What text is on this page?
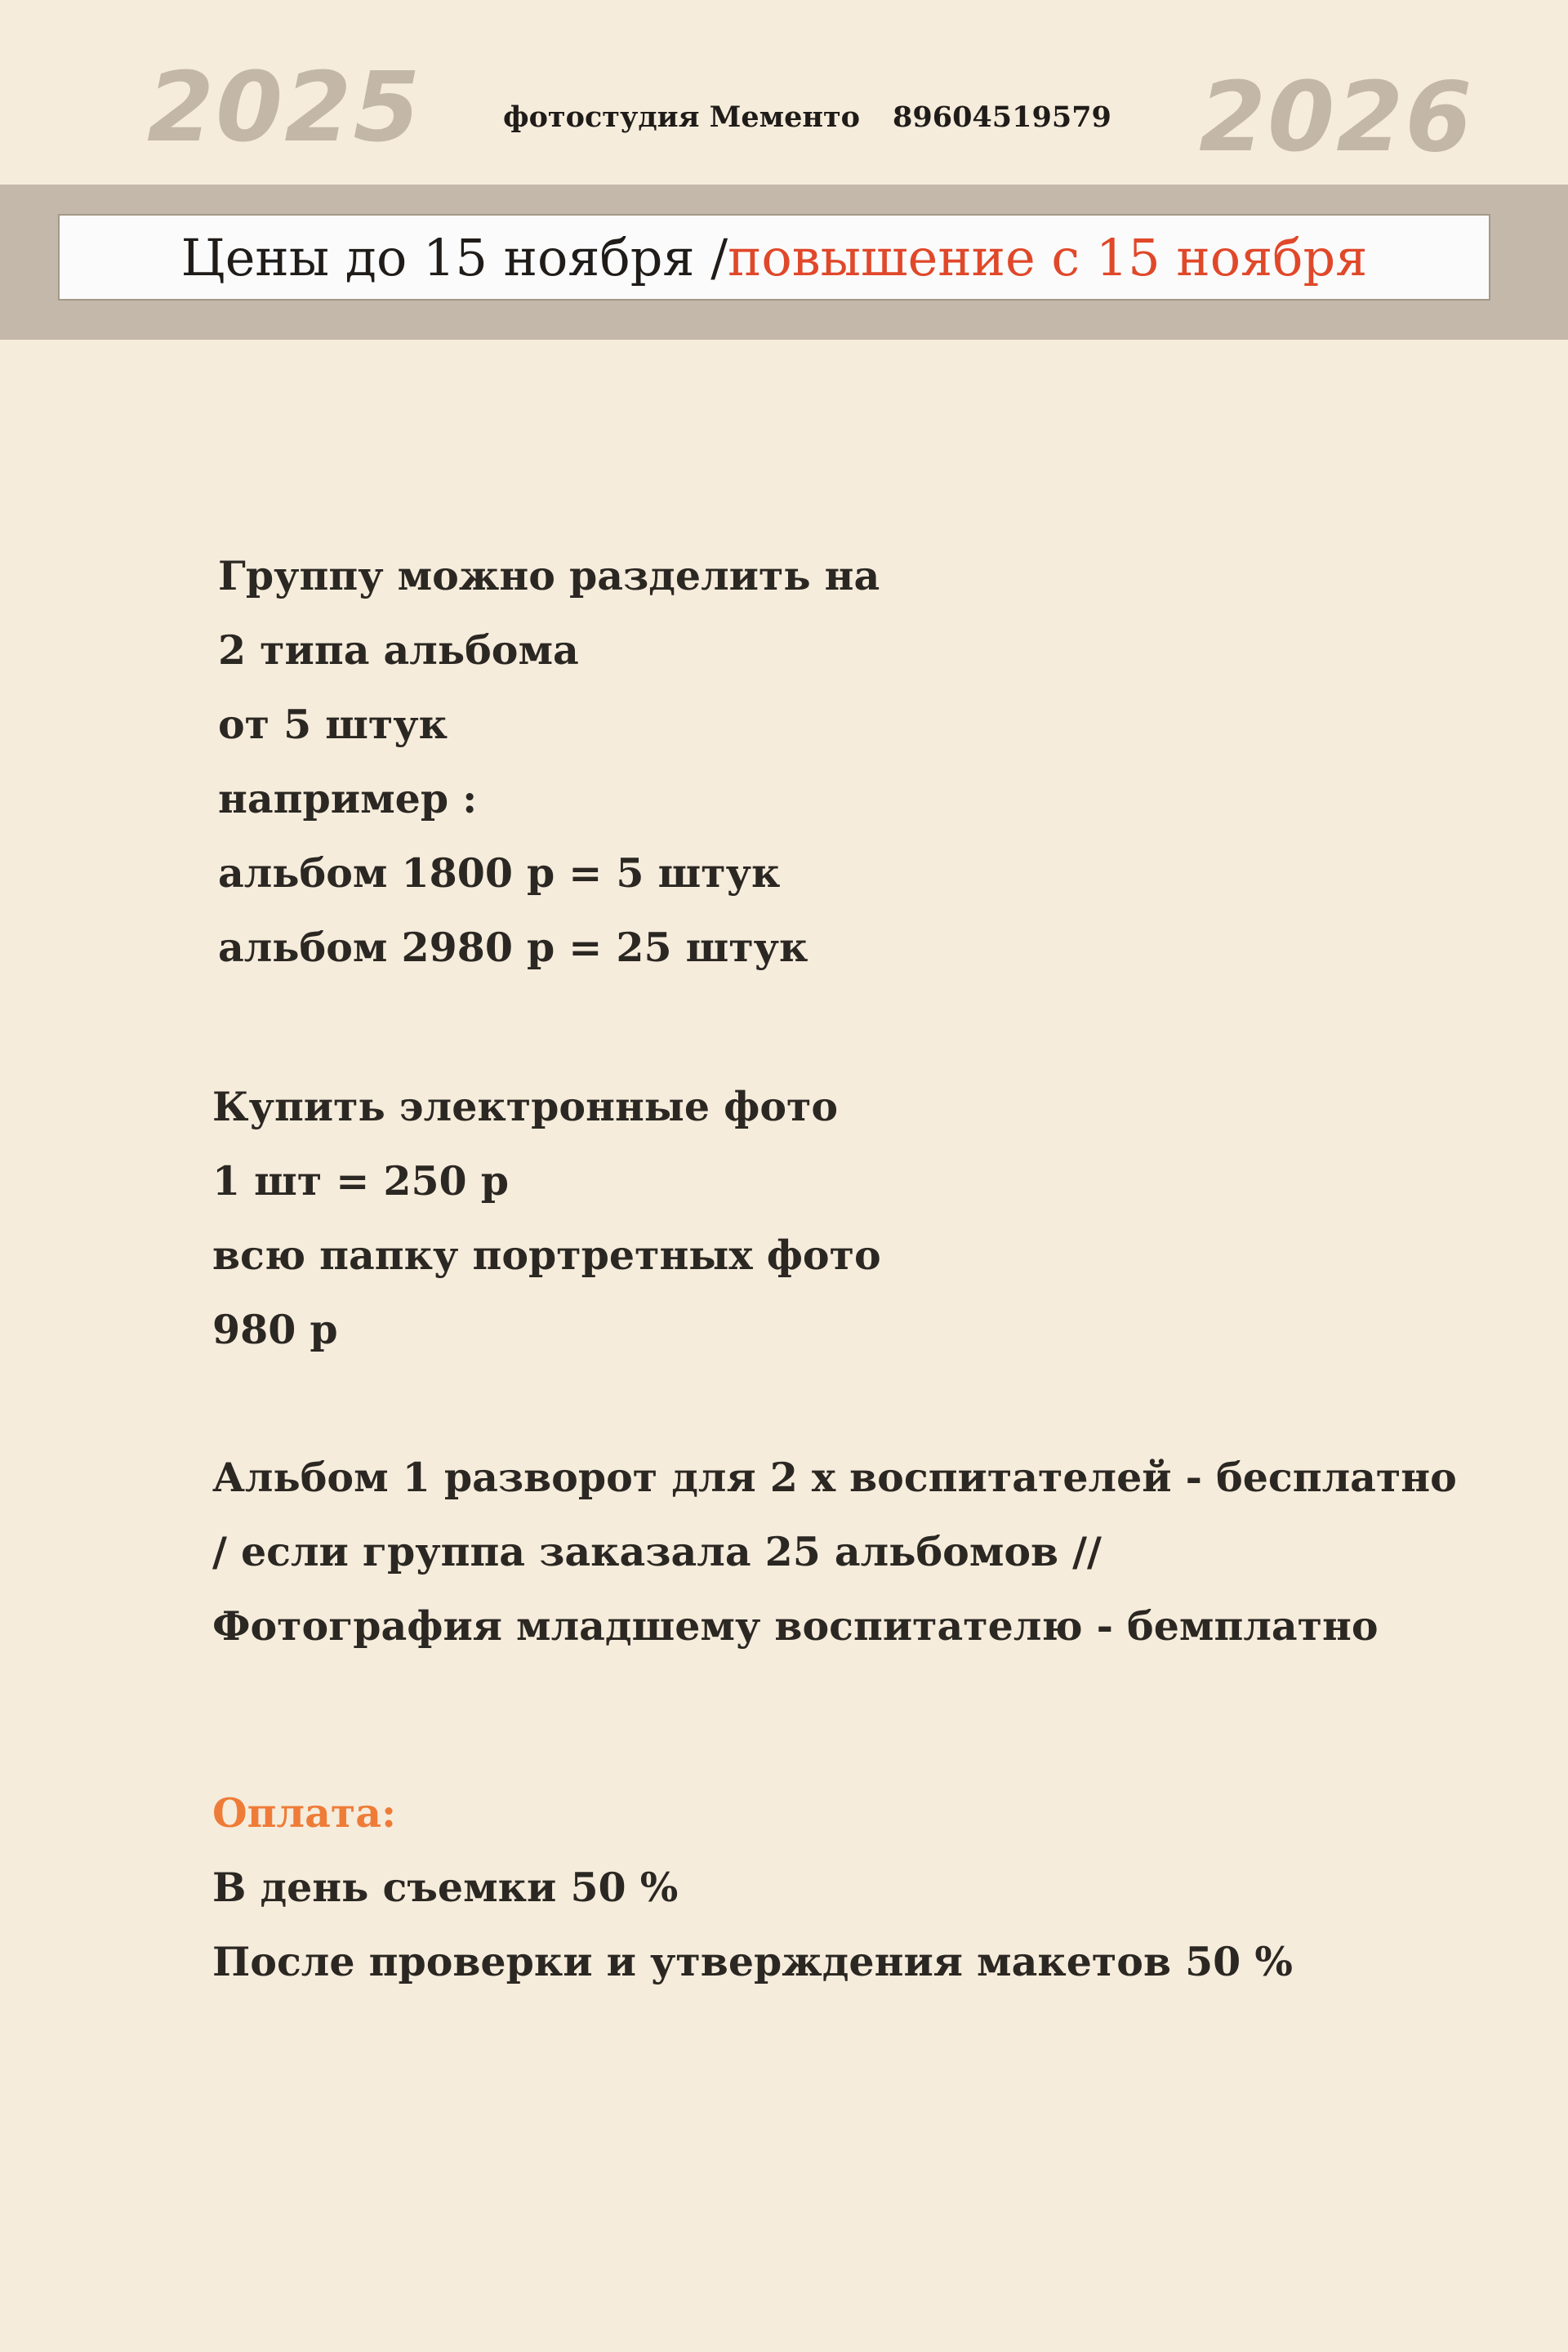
2025	фотостудия Мементо 89604519579 2026
Цены до 15 ноября / повышение с 15 ноября
Группу можно разделить на
2 типа альбома
от 5 штук
например :
альбом 1800 р = 5 штук
альбом 2980 р = 25 штук
Купить электронные фото
1 шт = 250 р
всю папку портретных фото
980 р
Альбом 1 разворот для 2 х воспитателей - бесплатно
/ если группа заказала 25 альбомов //
Фотография младшему воспитателю - бемплатно
Оплата:
В день съемки 50 %
После проверки и утверждения макетов 50 %
